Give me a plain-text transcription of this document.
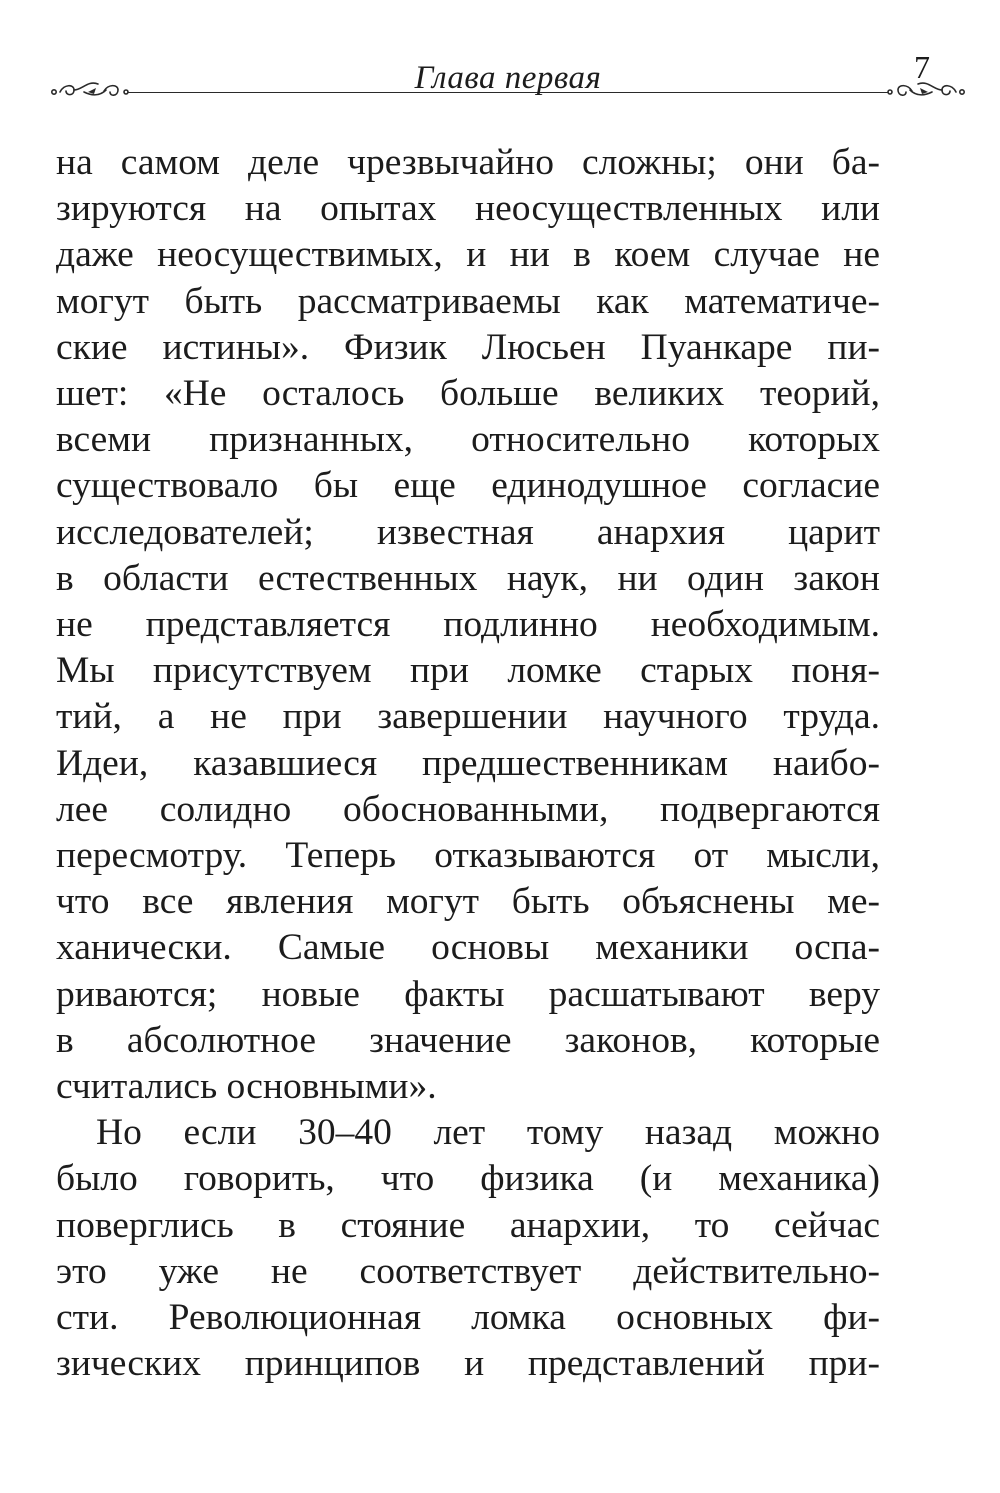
Глава первая	7
на самом деле чрезвычайно сложны; они ба-
зируются на опытах неосуществленных или
даже неосуществимых, и ни в коем случае не
могут быть рассматриваемы как математиче-
ские истины». Физик Люсьен Пуанкаре пи-
шет: «Не осталось больше великих теорий,
всеми признанных, относительно которых
существовало бы еще единодушное согласие
исследователей; известная анархия царит
в области естественных наук, ни один закон
не представляется подлинно необходимым.
Мы присутствуем при ломке старых поня-
тий, а не при завершении научного труда.
Идеи, казавшиеся предшественникам наибо-
лее солидно обоснованными, подвергаются
пересмотру. Теперь отказываются от мысли,
что все явления могут быть объяснены ме-
ханически. Самые основы механики оспа-
риваются; новые факты расшатывают веру
в абсолютное значение законов, которые
считались основными».
Но если 30–40 лет тому назад можно
было говорить, что физика (и механика)
поверглись в стояние анархии, то сейчас
это уже не соответствует действительно-
сти. Революционная ломка основных фи-
зических принципов и представлений при-
